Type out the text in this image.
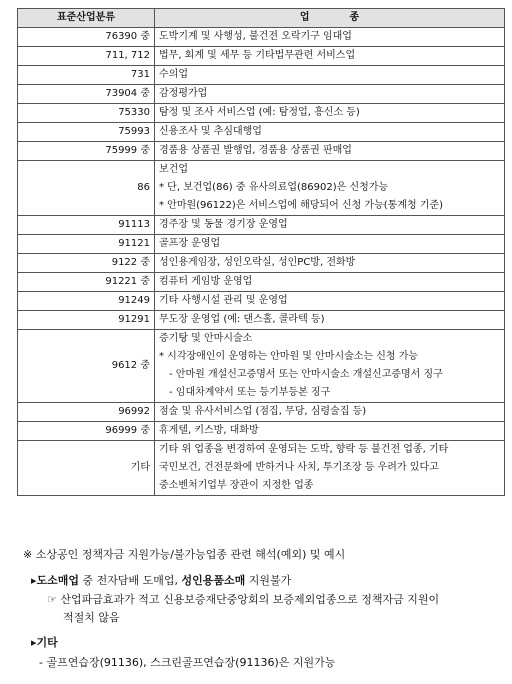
표준산업분류	업　　　　종
76390 중	도박기계 및 사행성, 불건전 오락기구 임대업

711, 712	법무, 회계 및 세무 등 기타법무관련 서비스업

731	수의업

73904 중	감정평가업

75330	탐정 및 조사 서비스업 (예: 탐정업, 흥신소 등)

75993	신용조사 및 추심대행업

75999 중	경품용 상품권 발행업, 경품용 상품권 판매업

86	보건업
* 단, 보건업(86) 중 유사의료업(86902)은 신청가능
* 안마원(96122)은 서비스업에 해당되어 신청 가능(통계청 기준)

91113	경주장 및 동물 경기장 운영업

91121	골프장 운영업

9122 중	성인용게임장, 성인오락실, 성인PC방, 전화방

91221 중	컴퓨터 게임방 운영업

91249	기타 사행시설 관리 및 운영업

91291	무도장 운영업 (예: 댄스홀, 콜라텍 등)

9612 중	증기탕 및 안마시술소
* 시각장애인이 운영하는 안마원 및 안마시술소는 신청 가능
- 안마원 개설신고증명서 또는 안마시술소 개설신고증명서 징구
- 임대차계약서 또는 등기부등본 징구

96992	점술 및 유사서비스업 (점집, 무당, 심령술집 등)

96999 중	휴게텔, 키스방, 대화방

기타	기타 위 업종을 변경하여 운영되는 도박, 향락 등 불건전 업종, 기타
국민보건, 건전문화에 반하거나 사치, 투기조장 등 우려가 있다고
중소벤처기업부 장관이 지정한 업종
※ 소상공인 정책자금 지원가능/불가능업종 관련 해석(예외) 및 예시
▸도소매업 중 전자담배 도매업, 성인용품소매 지원불가
☞ 산업파급효과가 적고 신용보증재단중앙회의 보증제외업종으로 정책자금 지원이
적절치 않음
▸기타
- 골프연습장(91136), 스크린골프연습장(91136)은 지원가능
